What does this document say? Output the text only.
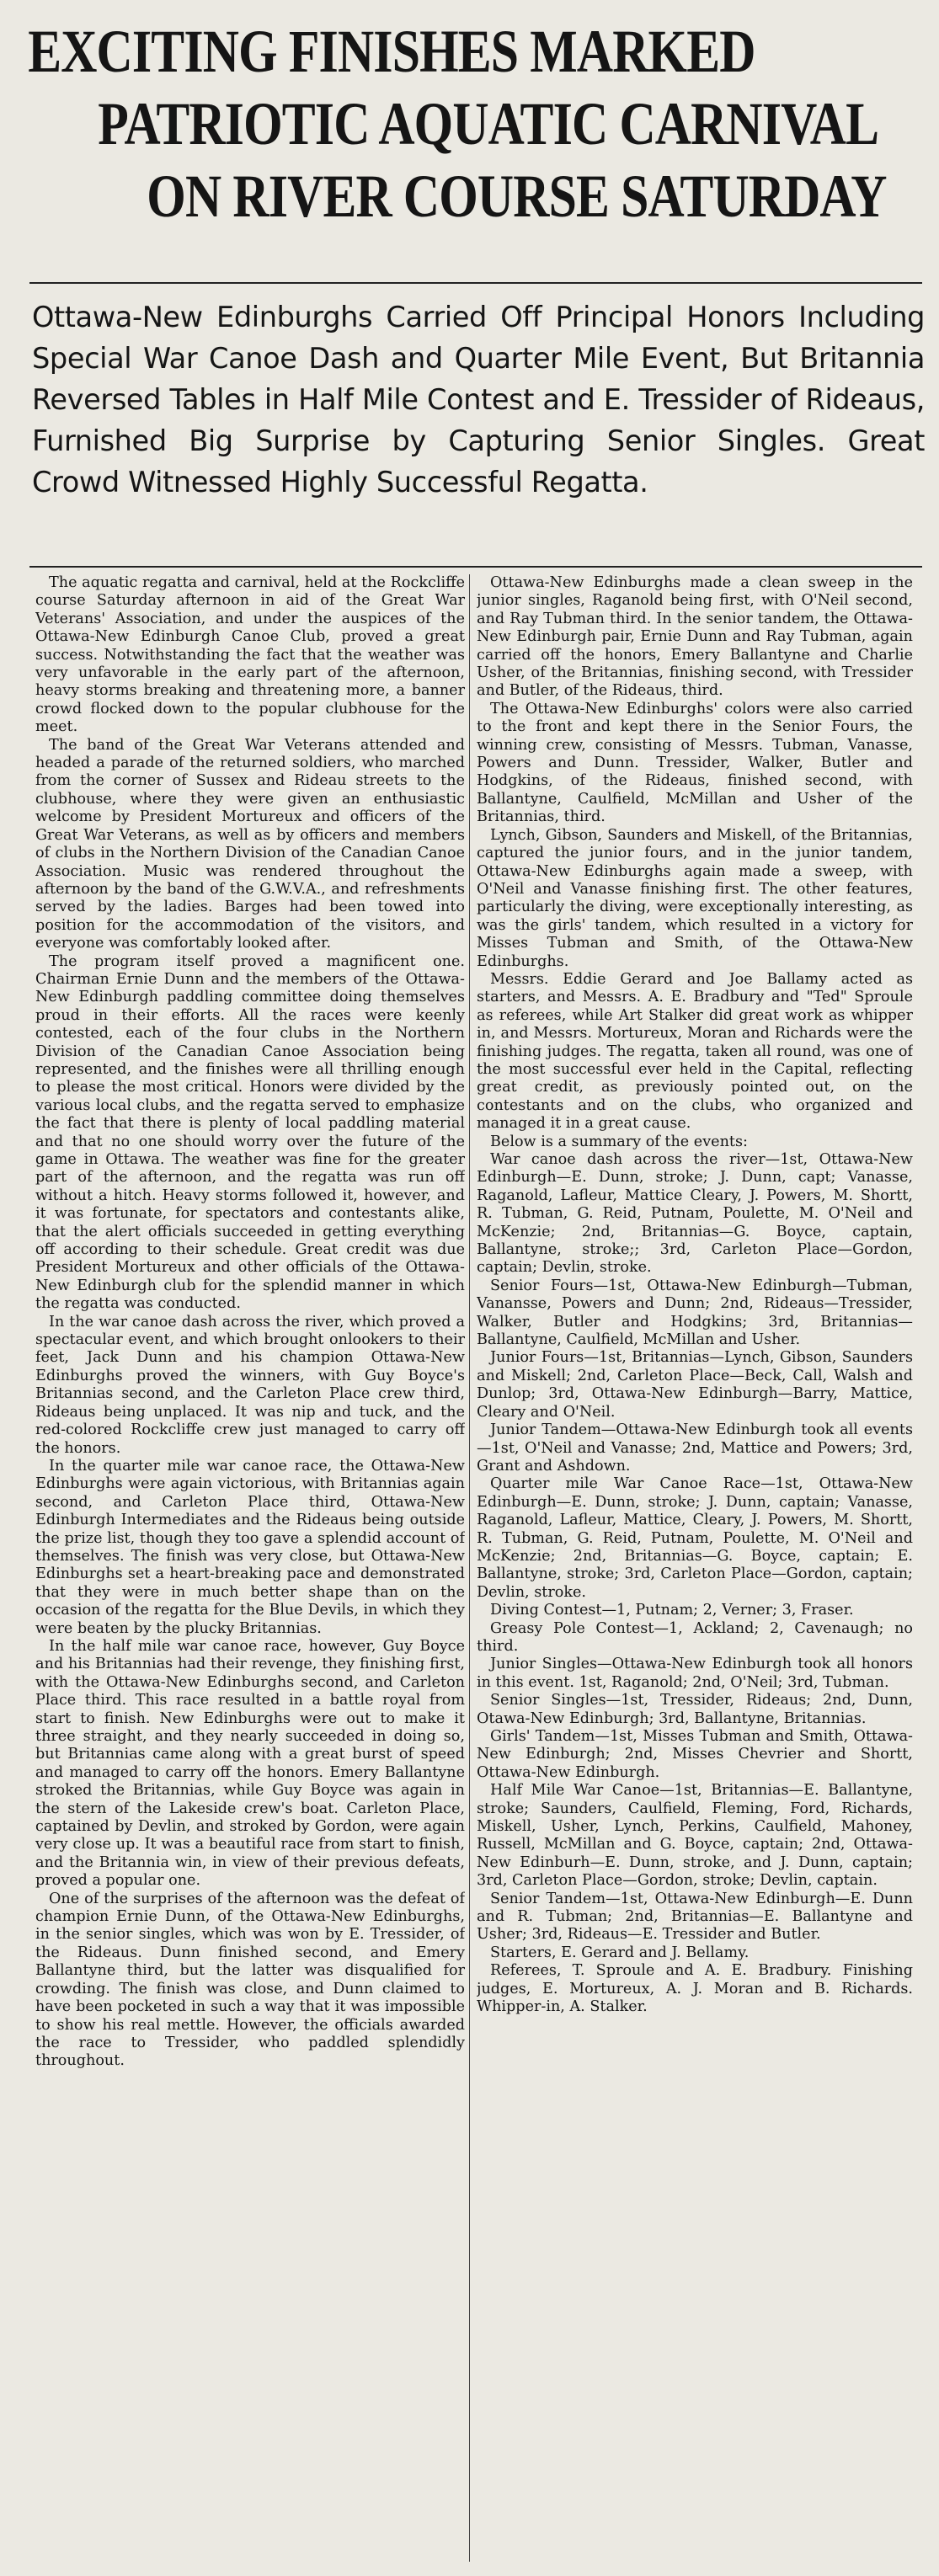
EXCITING FINISHES MARKED
PATRIOTIC AQUATIC CARNIVAL
ON RIVER COURSE SATURDAY
Ottawa-New Edinburghs Carried Off Principal Honors Including Special War Canoe Dash and Quarter Mile Event, But Britannia Reversed Tables in Half Mile Contest and E. Tressider of Rideaus, Furnished Big Surprise by Capturing Senior Singles. Great Crowd Witnessed Highly Successful Regatta.

The aquatic regatta and carnival, held at the Rockcliffe course Saturday afternoon in aid of the Great War Veterans' Association, and under the auspices of the Ottawa-New Edinburgh Canoe Club, proved a great success. Notwithstanding the fact that the weather was very unfavorable in the early part of the afternoon, heavy storms breaking and threatening more, a banner crowd flocked down to the popular clubhouse for the meet.

The band of the Great War Veterans attended and headed a parade of the returned soldiers, who marched from the corner of Sussex and Rideau streets to the clubhouse, where they were given an enthusiastic welcome by President Mortureux and officers of the Great War Veterans, as well as by officers and members of clubs in the Northern Division of the Canadian Canoe Association. Music was rendered throughout the afternoon by the band of the G.W.V.A., and refreshments served by the ladies. Barges had been towed into position for the accommodation of the visitors, and everyone was comfortably looked after.

The program itself proved a magnificent one. Chairman Ernie Dunn and the members of the Ottawa-New Edinburgh paddling committee doing themselves proud in their efforts. All the races were keenly contested, each of the four clubs in the Northern Division of the Canadian Canoe Association being represented, and the finishes were all thrilling enough to please the most critical. Honors were divided by the various local clubs, and the regatta served to emphasize the fact that there is plenty of local paddling material and that no one should worry over the future of the game in Ottawa. The weather was fine for the greater part of the afternoon, and the regatta was run off without a hitch. Heavy storms followed it, however, and it was fortunate, for spectators and contestants alike, that the alert officials succeeded in getting everything off according to their schedule. Great credit was due President Mortureux and other officials of the Ottawa-New Edinburgh club for the splendid manner in which the regatta was conducted.

In the war canoe dash across the river, which proved a spectacular event, and which brought onlookers to their feet, Jack Dunn and his champion Ottawa-New Edinburghs proved the winners, with Guy Boyce's Britannias second, and the Carleton Place crew third, Rideaus being unplaced. It was nip and tuck, and the red-colored Rockcliffe crew just managed to carry off the honors.

In the quarter mile war canoe race, the Ottawa-New Edinburghs were again victorious, with Britannias again second, and Carleton Place third, Ottawa-New Edinburgh Intermediates and the Rideaus being outside the prize list, though they too gave a splendid account of themselves. The finish was very close, but Ottawa-New Edinburghs set a heart-breaking pace and demonstrated that they were in much better shape than on the occasion of the regatta for the Blue Devils, in which they were beaten by the plucky Britannias.

In the half mile war canoe race, however, Guy Boyce and his Britannias had their revenge, they finishing first, with the Ottawa-New Edinburghs second, and Carleton Place third. This race resulted in a battle royal from start to finish. New Edinburghs were out to make it three straight, and they nearly succeeded in doing so, but Britannias came along with a great burst of speed and managed to carry off the honors. Emery Ballantyne stroked the Britannias, while Guy Boyce was again in the stern of the Lakeside crew's boat. Carleton Place, captained by Devlin, and stroked by Gordon, were again very close up. It was a beautiful race from start to finish, and the Britannia win, in view of their previous defeats, proved a popular one.

One of the surprises of the afternoon was the defeat of champion Ernie Dunn, of the Ottawa-New Edinburghs, in the senior singles, which was won by E. Tressider, of the Rideaus. Dunn finished second, and Emery Ballantyne third, but the latter was disqualified for crowding. The finish was close, and Dunn claimed to have been pocketed in such a way that it was impossible to show his real mettle. However, the officials awarded the race to Tressider, who paddled splendidly throughout.

Ottawa-New Edinburghs made a clean sweep in the junior singles, Raganold being first, with O'Neil second, and Ray Tubman third. In the senior tandem, the Ottawa-New Edinburgh pair, Ernie Dunn and Ray Tubman, again carried off the honors, Emery Ballantyne and Charlie Usher, of the Britannias, finishing second, with Tressider and Butler, of the Rideaus, third.

The Ottawa-New Edinburghs' colors were also carried to the front and kept there in the Senior Fours, the winning crew, consisting of Messrs. Tubman, Vanasse, Powers and Dunn. Tressider, Walker, Butler and Hodgkins, of the Rideaus, finished second, with Ballantyne, Caulfield, McMillan and Usher of the Britannias, third.

Lynch, Gibson, Saunders and Miskell, of the Britannias, captured the junior fours, and in the junior tandem, Ottawa-New Edinburghs again made a sweep, with O'Neil and Vanasse finishing first. The other features, particularly the diving, were exceptionally interesting, as was the girls' tandem, which resulted in a victory for Misses Tubman and Smith, of the Ottawa-New Edinburghs.

Messrs. Eddie Gerard and Joe Ballamy acted as starters, and Messrs. A. E. Bradbury and "Ted" Sproule as referees, while Art Stalker did great work as whipper in, and Messrs. Mortureux, Moran and Richards were the finishing judges. The regatta, taken all round, was one of the most successful ever held in the Capital, reflecting great credit, as previously pointed out, on the contestants and on the clubs, who organized and managed it in a great cause.

Below is a summary of the events:

War canoe dash across the river—1st, Ottawa-New Edinburgh—E. Dunn, stroke; J. Dunn, capt; Vanasse, Raganold, Lafleur, Mattice Cleary, J. Powers, M. Shortt, R. Tubman, G. Reid, Putnam, Poulette, M. O'Neil and McKenzie; 2nd, Britannias—G. Boyce, captain, Ballantyne, stroke;; 3rd, Carleton Place—Gordon, captain; Devlin, stroke.

Senior Fours—1st, Ottawa-New Edinburgh—Tubman, Vanansse, Powers and Dunn; 2nd, Rideaus—Tressider, Walker, Butler and Hodgkins; 3rd, Britannias—Ballantyne, Caulfield, McMillan and Usher.

Junior Fours—1st, Britannias—Lynch, Gibson, Saunders and Miskell; 2nd, Carleton Place—Beck, Call, Walsh and Dunlop; 3rd, Ottawa-New Edinburgh—Barry, Mattice, Cleary and O'Neil.

Junior Tandem—Ottawa-New Edinburgh took all events—1st, O'Neil and Vanasse; 2nd, Mattice and Powers; 3rd, Grant and Ashdown.

Quarter mile War Canoe Race—1st, Ottawa-New Edinburgh—E. Dunn, stroke; J. Dunn, captain; Vanasse, Raganold, Lafleur, Mattice, Cleary, J. Powers, M. Shortt, R. Tubman, G. Reid, Putnam, Poulette, M. O'Neil and McKenzie; 2nd, Britannias—G. Boyce, captain; E. Ballantyne, stroke; 3rd, Carleton Place—Gordon, captain; Devlin, stroke.

Diving Contest—1, Putnam; 2, Verner; 3, Fraser.

Greasy Pole Contest—1, Ackland; 2, Cavenaugh; no third.

Junior Singles—Ottawa-New Edinburgh took all honors in this event. 1st, Raganold; 2nd, O'Neil; 3rd, Tubman.

Senior Singles—1st, Tressider, Rideaus; 2nd, Dunn, Otawa-New Edinburgh; 3rd, Ballantyne, Britannias.

Girls' Tandem—1st, Misses Tubman and Smith, Ottawa-New Edinburgh; 2nd, Misses Chevrier and Shortt, Ottawa-New Edinburgh.

Half Mile War Canoe—1st, Britannias—E. Ballantyne, stroke; Saunders, Caulfield, Fleming, Ford, Richards, Miskell, Usher, Lynch, Perkins, Caulfield, Mahoney, Russell, McMillan and G. Boyce, captain; 2nd, Ottawa-New Edinburh—E. Dunn, stroke, and J. Dunn, captain; 3rd, Carleton Place—Gordon, stroke; Devlin, captain.

Senior Tandem—1st, Ottawa-New Edinburgh—E. Dunn and R. Tubman; 2nd, Britannias—E. Ballantyne and Usher; 3rd, Rideaus—E. Tressider and Butler.

Starters, E. Gerard and J. Bellamy.

Referees, T. Sproule and A. E. Bradbury. Finishing judges, E. Mortureux, A. J. Moran and B. Richards. Whipper-in, A. Stalker.
